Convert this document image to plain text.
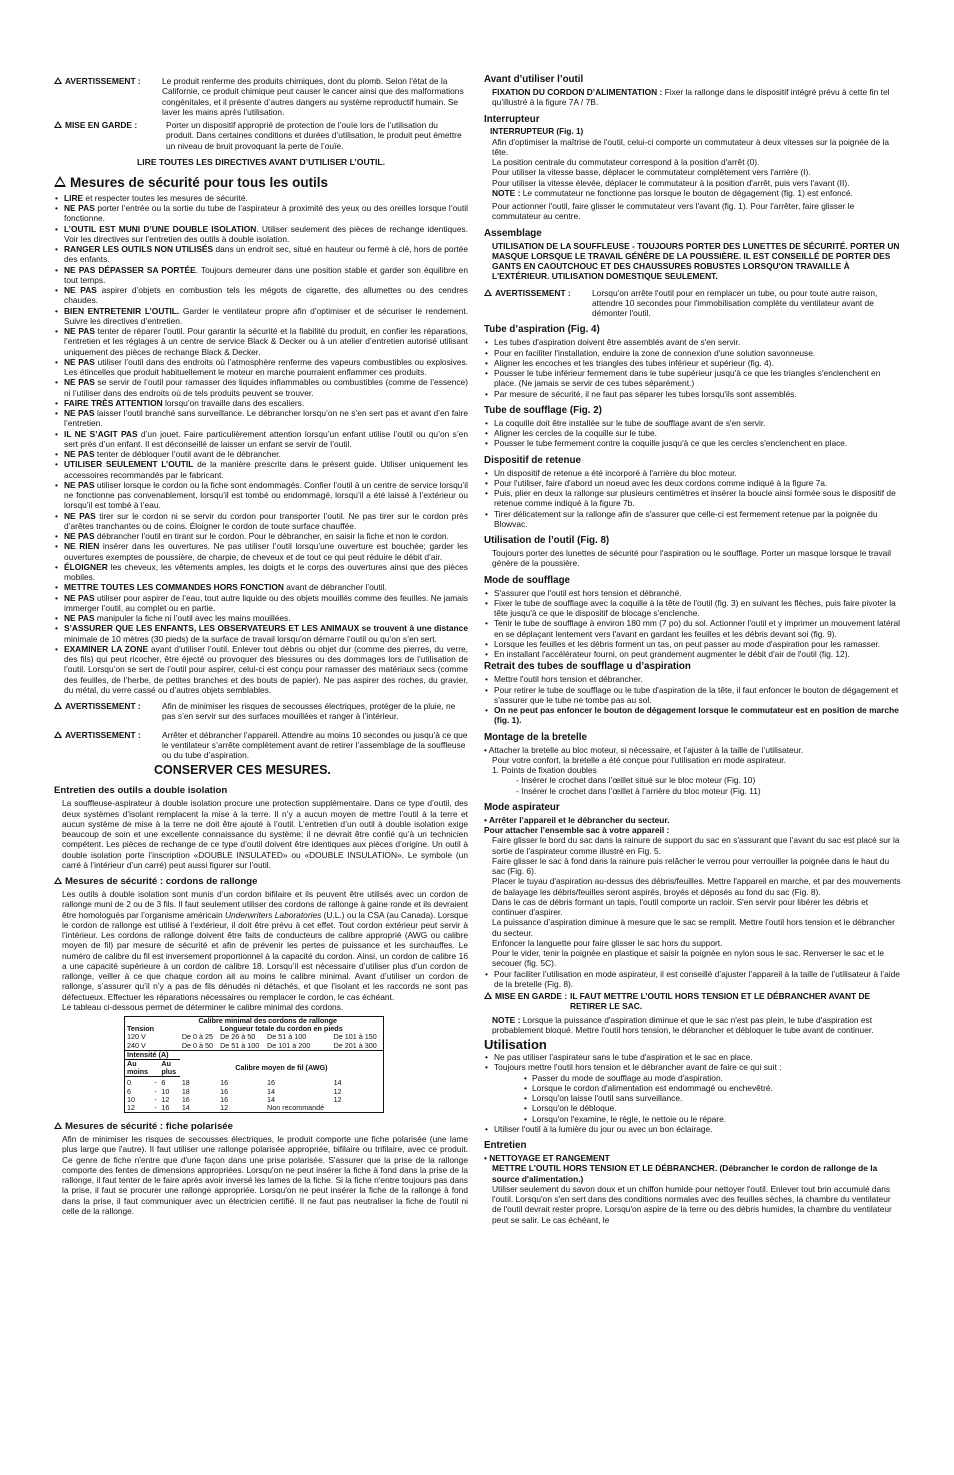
AVERTISSEMENT :	Le produit renferme des produits chimiques, dont du plomb. Selon l’état de la Californie, ce produit chimique peut causer le cancer ainsi que des malformations congénitales, et il présente d’autres dangers au système reproductif humain. Se laver les mains après l’utilisation.
MISE EN GARDE :	Porter un dispositif approprié de protection de l’ouïe lors de l’utilisation du produit. Dans certaines conditions et durées d’utilisation, le produit peut émettre un niveau de bruit provoquant la perte de l’ouïe.
LIRE TOUTES LES DIRECTIVES AVANT D’UTILISER L’OUTIL.
Mesures de sécurité pour tous les outils
• LIRE et respecter toutes les mesures de sécurité.
• NE PAS porter l’entrée ou la sortie du tube de l’aspirateur à proximité des yeux ou des oreilles lorsque l’outil fonctionne.
• L’OUTIL EST MUNI D’UNE DOUBLE ISOLATION. Utiliser seulement des pièces de rechange identiques. Voir les directives sur l’entretien des outils à double isolation.
• RANGER LES OUTILS NON UTILISÉS dans un endroit sec, situé en hauteur ou fermé à clé, hors de portée des enfants.
• NE PAS DÉPASSER SA PORTÉE. Toujours demeurer dans une position stable et garder son équilibre en tout temps.
• NE PAS aspirer d’objets en combustion tels les mégots de cigarette, des allumettes ou des cendres chaudes.
• BIEN ENTRETENIR L’OUTIL. Garder le ventilateur propre afin d’optimiser et de sécuriser le rendement. Suivre les directives d’entretien.
• NE PAS tenter de réparer l’outil. Pour garantir la sécurité et la fiabilité du produit, en confier les réparations, l’entretien et les réglages à un centre de service Black & Decker ou à un atelier d’entretien autorisé utilisant uniquement des pièces de rechange Black & Decker.
• NE PAS utiliser l’outil dans des endroits où l’atmosphère renferme des vapeurs combustibles ou explosives. Les étincelles que produit habituellement le moteur en marche pourraient enflammer ces produits.
• NE PAS se servir de l’outil pour ramasser des liquides inflammables ou combustibles (comme de l’essence) ni l’utiliser dans des endroits où de tels produits peuvent se trouver.
• FAIRE TRÈS ATTENTION lorsqu’on travaille dans des escaliers.
• NE PAS laisser l’outil branché sans surveillance. Le débrancher lorsqu’on ne s’en sert pas et avant d’en faire l’entretien.
• IL NE S’AGIT PAS d’un jouet. Faire particulièrement attention lorsqu’un enfant utilise l’outil ou qu’on s’en sert près d’un enfant. Il est déconseillé de laisser un enfant se servir de l’outil.
• NE PAS tenter de débloquer l’outil avant de le débrancher.
• UTILISER SEULEMENT L’OUTIL de la manière prescrite dans le présent guide. Utiliser uniquement les accessoires recommandés par le fabricant.
• NE PAS utiliser lorsque le cordon ou la fiche sont endommagés. Confier l’outil à un centre de service lorsqu’il ne fonctionne pas convenablement, lorsqu’il est tombé ou endommagé, lorsqu’il a été laissé à l’extérieur ou lorsqu’il est tombé à l’eau.
• NE PAS tirer sur le cordon ni se servir du cordon pour transporter l’outil. Ne pas tirer sur le cordon près d’arêtes tranchantes ou de coins. Éloigner le cordon de toute surface chauffée.
• NE PAS débrancher l’outil en tirant sur le cordon. Pour le débrancher, en saisir la fiche et non le cordon.
• NE RIEN insérer dans les ouvertures. Ne pas utiliser l’outil lorsqu’une ouverture est bouchée; garder les ouvertures exemptes de poussière, de charpie, de cheveux et de tout ce qui peut réduire le débit d’air.
• ÉLOIGNER les cheveux, les vêtements amples, les doigts et le corps des ouvertures ainsi que des pièces mobiles.
• METTRE TOUTES LES COMMANDES HORS FONCTION avant de débrancher l’outil.
• NE PAS utiliser pour aspirer de l’eau, tout autre liquide ou des objets mouillés comme des feuilles. Ne jamais immerger l’outil, au complet ou en partie.
• NE PAS manipuler la fiche ni l’outil avec les mains mouillées.
• S’ASSURER QUE LES ENFANTS, LES OBSERVATEURS ET LES ANIMAUX se trouvent à une distance minimale de 10 mètres (30 pieds) de la surface de travail lorsqu’on démarre l’outil ou qu’on s’en sert.
• EXAMINER LA ZONE avant d’utiliser l’outil. Enlever tout débris ou objet dur (comme des pierres, du verre, des fils) qui peut ricocher, être éjecté ou provoquer des blessures ou des dommages lors de l’utilisation de l’outil. Lorsqu’on se sert de l’outil pour aspirer, celui-ci est conçu pour ramasser des matériaux secs (comme des feuilles, de l’herbe, de petites branches et des bouts de papier). Ne pas aspirer des roches, du gravier, du métal, du verre cassé ou d’autres objets semblables.
AVERTISSEMENT :	Afin de minimiser les risques de secousses électriques, protéger de la pluie, ne pas s’en servir sur des surfaces mouillées et ranger à l’intérieur.
AVERTISSEMENT :	Arrêter et débrancher l’appareil. Attendre au moins 10 secondes ou jusqu’à ce que le ventilateur s’arrête complètement avant de retirer l’assemblage de la souffleuse ou du tube d’aspiration.
CONSERVER CES MESURES.
Entretien des outils a double isolation

La souffleuse-aspirateur à double isolation procure une protection supplémentaire. Dans ce type d’outil, des deux systèmes d’isolant remplacent la mise à la terre. Il n’y a aucun moyen de mettre l’outil à la terre et aucun système de mise à la terre ne doit être ajouté à l’outil. L’entretien d’un outil à double isolation exige beaucoup de soin et une excellente connaissance du système; il ne devrait être confié qu’à un technicien compétent. Les pièces de rechange de ce type d’outil doivent être identiques aux pièces d’origine. Un outil à double isolation porte l’inscription «DOUBLE INSULATED» ou «DOUBLE INSULATION». Le symbole (un carré à l’intérieur d’un carré) peut aussi figurer sur l’outil.

Mesures de sécurité : cordons de rallonge

Les outils à double isolation sont munis d’un cordon bifilaire et ils peuvent être utilisés avec un cordon de rallonge muni de 2 ou de 3 fils. Il faut seulement utiliser des cordons de rallonge à gaine ronde et ils devraient être homologués par l’organisme américain Underwriters Laboratories (U.L.) ou la CSA (au Canada). Lorsque le cordon de rallonge est utilisé à l’extérieur, il doit être prévu à cet effet. Tout cordon extérieur peut servir à l’intérieur. Les cordons de rallonge doivent être faits de conducteurs de calibre approprié (AWG ou calibre moyen de fil) par mesure de sécurité et afin de prévenir les pertes de puissance et les surchauffes. Le numéro de calibre du fil est inversement proportionnel à la capacité du cordon. Ainsi, un cordon de calibre 16 a une capacité supérieure à un cordon de calibre 18. Lorsqu’il est nécessaire d’utiliser plus d’un cordon de rallonge, veiller à ce que chaque cordon ait au moins le calibre minimal. Avant d’utiliser un cordon de rallonge, s’assurer qu’il n’y a pas de fils dénudés ni détachés, et que l’isolant et les raccords ne sont pas défectueux. Effectuer les réparations nécessaires ou remplacer le cordon, le cas échéant.

Le tableau ci-dessous permet de déterminer le calibre minimal des cordons.

	Calibre minimal des cordons de rallonge					
Tension			Longueur totale du cordon en pieds			
120 V			De 0 à 25	De 26 à 50	De 51 à 100	De 101 à 150
240 V			De 0 à 50	De 51 à 100	De 101 à 200	De 201 à 300
Intensité (A)						
Au		Au	Calibre moyen de fil (AWG)			
moins		plus				
0	-	6	18	16	16	14
6	-	10	18	16	14	12
10	-	12	16	16	14	12
12	-	16	14	12	Non recommandé	
Mesures de sécurité : fiche polarisée

Afin de minimiser les risques de secousses électriques, le produit comporte une fiche polarisée (une lame plus large que l'autre). Il faut utiliser une rallonge polarisée appropriée, bifilaire ou trifilaire, avec ce produit. Ce genre de fiche n'entre que d'une façon dans une prise polarisée. S'assurer que la prise de la rallonge comporte des fentes de dimensions appropriées. Lorsqu'on ne peut insérer la fiche à fond dans la prise de la rallonge, il faut tenter de le faire après avoir inversé les lames de la fiche. Si la fiche n'entre toujours pas dans la prise, il faut se procurer une rallonge appropriée. Lorsqu'on ne peut insérer la fiche de la rallonge à fond dans la prise, il faut communiquer avec un électricien certifié. Il ne faut pas neutraliser la fiche de l'outil ni celle de la rallonge.

Avant d’utiliser l’outil

FIXATION DU CORDON D’ALIMENTATION : Fixer la rallonge dans le dispositif intégré prévu à cette fin tel qu’illustré à la figure 7A / 7B.

Interrupteur
INTERRUPTEUR (Fig. 1)

Afin d'optimiser la maîtrise de l'outil, celui-ci comporte un commutateur à deux vitesses sur la poignée de la tête.

La position centrale du commutateur correspond à la position d'arrêt (0).

Pour utiliser la vitesse basse, déplacer le commutateur complètement vers l'arrière (I).

Pour utiliser la vitesse élevée, déplacer le commutateur à la position d'arrêt, puis vers l'avant (II).

NOTE : Le commutateur ne fonctionne pas lorsque le bouton de dégagement (fig. 1) est enfoncé.

Pour actionner l'outil, faire glisser le commutateur vers l'avant (fig. 1). Pour l'arrêter, faire glisser le commutateur au centre.

Assemblage

UTILISATION DE LA SOUFFLEUSE - TOUJOURS PORTER DES LUNETTES DE SÉCURITÉ. PORTER UN MASQUE LORSQUE LE TRAVAIL GÉNÈRE DE LA POUSSIÈRE. IL EST CONSEILLÉ DE PORTER DES GANTS EN CAOUTCHOUC ET DES CHAUSSURES ROBUSTES LORSQU'ON TRAVAILLE À L'EXTÉRIEUR. UTILISATION DOMESTIQUE SEULEMENT.

AVERTISSEMENT :	Lorsqu'on arrête l'outil pour en remplacer un tube, ou pour toute autre raison, attendre 10 secondes pour l'immobilisation complète du ventilateur avant de démonter l'outil.
Tube d’aspiration (Fig. 4)
• Les tubes d'aspiration doivent être assemblés avant de s'en servir.
• Pour en faciliter l'installation, enduire la zone de connexion d'une solution savonneuse.
• Aligner les encoches et les triangles des tubes inférieur et supérieur (fig. 4).
• Pousser le tube inférieur fermement dans le tube supérieur jusqu'à ce que les triangles s'enclenchent en place. (Ne jamais se servir de ces tubes séparément.)
• Par mesure de sécurité, il ne faut pas séparer les tubes lorsqu'ils sont assemblés.
Tube de soufflage (Fig. 2)
• La coquille doit être installée sur le tube de soufflage avant de s'en servir.
• Aligner les cercles de la coquille sur le tube.
• Pousser le tube fermement contre la coquille jusqu'à ce que les cercles s'enclenchent en place.
Dispositif de retenue
• Un dispositif de retenue a été incorporé à l'arrière du bloc moteur.
• Pour l'utiliser, faire d'abord un noeud avec les deux cordons comme indiqué à la figure 7a.
• Puis, plier en deux la rallonge sur plusieurs centimètres et insérer la boucle ainsi formée sous le dispositif de retenue comme indiqué à la figure 7b.
• Tirer délicatement sur la rallonge afin de s'assurer que celle-ci est fermement retenue par la poignée du Blowvac.
Utilisation de l’outil (Fig. 8)

Toujours porter des lunettes de sécurité pour l'aspiration ou le soufflage. Porter un masque lorsque le travail génère de la poussière.

Mode de soufflage
• S'assurer que l'outil est hors tension et débranché.
• Fixer le tube de soufflage avec la coquille à la tête de l'outil (fig. 3) en suivant les flèches, puis faire pivoter la tête jusqu'à ce que le dispositif de blocage s'enclenche.
• Tenir le tube de soufflage à environ 180 mm (7 po) du sol. Actionner l'outil et y imprimer un mouvement latéral en se déplaçant lentement vers l'avant en gardant les feuilles et les débris devant soi (fig. 9).
• Lorsque les feuilles et les débris forment un tas, on peut passer au mode d'aspiration pour les ramasser.
• En installant l'accélérateur fourni, on peut grandement augmenter le débit d'air de l'outil (fig. 12).
Retrait des tubes de soufflage u d’aspiration
• Mettre l'outil hors tension et débrancher.
• Pour retirer le tube de soufflage ou le tube d'aspiration de la tête, il faut enfoncer le bouton de dégagement et s'assurer que le tube ne tombe pas au sol.
• On ne peut pas enfoncer le bouton de dégagement lorsque le commutateur est en position de marche (fig. 1).
Montage de la bretelle

• Attacher la bretelle au bloc moteur, si nécessaire, et l’ajuster à la taille de l’utilisateur.

Pour votre confort, la bretelle a été conçue pour l'utilisation en mode aspirateur.

1. Points de fixation doubles

- Insérer le crochet dans l’œillet situé sur le bloc moteur (Fig. 10)

- Insérer le crochet dans l’œillet à l’arrière du bloc moteur (Fig. 11)

Mode aspirateur

• Arrêter l’appareil et le débrancher du secteur.

Pour attacher l’ensemble sac à votre appareil :

Faire glisser le bord du sac dans la rainure de support du sac en s'assurant que l’avant du sac est placé sur la sortie de l’aspirateur comme illustré en Fig. 5.

Faire glisser le sac à fond dans la rainure puis relâcher le verrou pour verrouiller la poignée dans le haut du sac (Fig. 6).

Placer le tuyau d'aspiration au-dessus des débris/feuilles. Mettre l'appareil en marche, et par des mouvements de balayage les débris/feuilles seront aspirés, broyés et déposés au fond du sac (Fig. 8).

Dans le cas de débris formant un tapis, l'outil comporte un racloir. S'en servir pour libérer les débris et continuer d'aspirer.

La puissance d’aspiration diminue à mesure que le sac se remplit. Mettre l'outil hors tension et le débrancher du secteur.

Enfoncer la languette pour faire glisser le sac hors du support.

Pour le vider, tenir la poignée en plastique et saisir la poignée en nylon sous le sac. Renverser le sac et le secouer (fig. 5C).

• Pour faciliter l’utilisation en mode aspirateur, il est conseillé d’ajuster l’appareil à la taille de l’utilisateur à l’aide de la bretelle (Fig. 8).
MISE EN GARDE : IL FAUT METTRE L’OUTIL HORS TENSION ET LE DÉBRANCHER AVANT DE RETIRER LE SAC.

NOTE : Lorsque la puissance d'aspiration diminue et que le sac n'est pas plein, le tube d'aspiration est probablement bloqué. Mettre l'outil hors tension, le débrancher et débloquer le tube avant de continuer.

Utilisation
• Ne pas utiliser l’aspirateur sans le tube d'aspiration et le sac en place.
• Toujours mettre l'outil hors tension et le débrancher avant de faire ce qui suit :
• Passer du mode de soufflage au mode d'aspiration.
• Lorsque le cordon d'alimentation est endommagé ou enchevêtré.
• Lorsqu'on laisse l'outil sans surveillance.
• Lorsqu'on le débloque.
• Lorsqu'on l'examine, le règle, le nettoie ou le répare.
• Utiliser l'outil à la lumière du jour ou avec un bon éclairage.
Entretien

• NETTOYAGE ET RANGEMENT

METTRE L'OUTIL HORS TENSION ET LE DÉBRANCHER. (Débrancher le cordon de rallonge de la source d'alimentation.)

Utiliser seulement du savon doux et un chiffon humide pour nettoyer l'outil. Enlever tout brin accumulé dans l'outil. Lorsqu'on s'en sert dans des conditions normales avec des feuilles sèches, la chambre du ventilateur de l'outil devrait rester propre. Lorsqu'on aspire de la terre ou des débris humides, la chambre du ventilateur peut se salir. Le cas échéant, le
